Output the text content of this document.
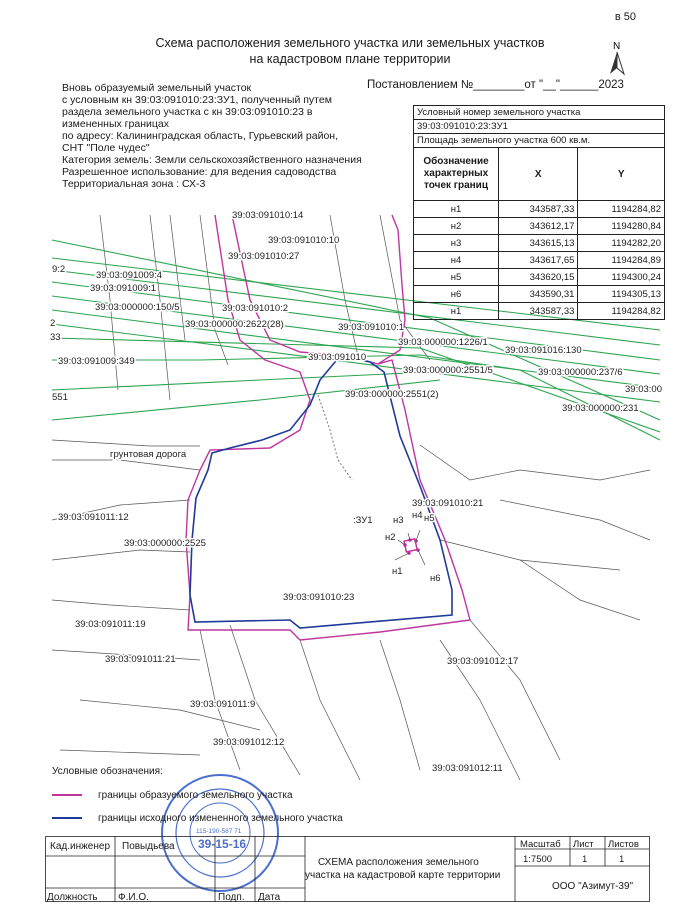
в 50
N
Схема расположения земельного участка или земельных участков
на кадастровом плане территории
Постановлением №________от "__"______2023
Вновь образуемый земельный участок
с условным кн 39:03:091010:23:ЗУ1, полученный путем
раздела земельного участка с кн 39:03:091010:23 в
измененных границах
по адресу: Калининградская область, Гурьевский район,
СНТ "Поле чудес"
Категория земель: Земли сельскохозяйственного назначения
Разрешенное использование: для ведения садоводства
Территориальная зона : СХ-3
39:03:091010:14
39:03:091010:10
39:03:091010:27
9:2
39:03:091009:4
39:03:091009:1
39:03:000000:150/5	39:03:091010:2
39:03:000000:2622(28)	39:03:091010:1
39:03:000000:1226/1
39:03:091016:130
2
33
39:03:091009:349	39:03:091010
39:03:000000:2551/5	39:03:000000:237/6
39:03:00
551	39:03:000000:2551(2)
39:03:000000:231
грунтовая дорога
39:03:091010:21
39:03:091011:12	:ЗУ1 н3 н4 н5
н2
39:03:000000:2525
н1
н6
39:03:091010:23
39:03:091011:19
39:03:091011:21	39:03:091012:17
39:03:091011:9
39:03:091012:12
39:03:091012:11
39-15-16
115-190-587 71
Условный номер земельного участка		
39:03:091010:23:ЗУ1		
Площадь земельного участка 600 кв.м.		
Обозначение характерных точек границ	X	Y
н1	343587,33	1194284,82
н2	343612,17	1194280,84
н3	343615,13	1194282,20
н4	343617,65	1194284,89
н5	343620,15	1194300,24
н6	343590,31	1194305,13
н1	343587,33	1194284,82
Условные обозначения:
границы образуемого земельного участка
границы исходного измененного земельного участка
Кад.инженер Повыдьева
Должность Ф.И.О.	Подп. Дата
Масштаб Лист Листов
1:7500	1	1
СХЕМА расположения земельного
участка на кадастровой карте территории
ООО "Азимут-39"
